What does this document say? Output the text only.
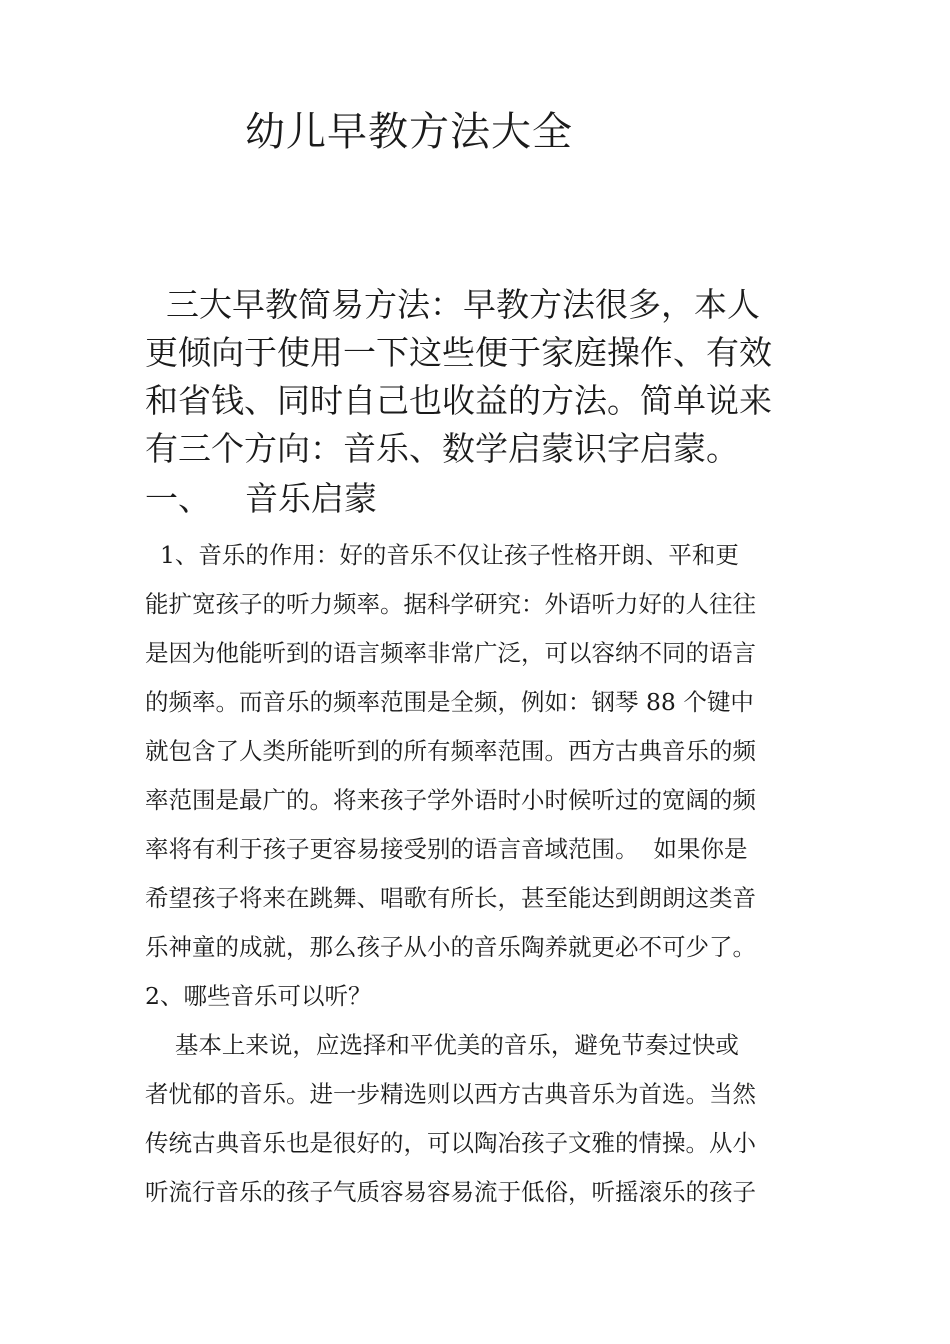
幼儿早教方法大全
三大早教简易方法：早教方法很多，本人
更倾向于使用一下这些便于家庭操作、有效
和省钱、同时自己也收益的方法。简单说来
有三个方向：音乐、数学启蒙识字启蒙。
一、 音乐启蒙
1、音乐的作用：好的音乐不仅让孩子性格开朗、平和更
能扩宽孩子的听力频率。据科学研究：外语听力好的人往往
是因为他能听到的语言频率非常广泛，可以容纳不同的语言
的频率。而音乐的频率范围是全频，例如：钢琴 88 个键中
就包含了人类所能听到的所有频率范围。西方古典音乐的频
率范围是最广的。将来孩子学外语时小时候听过的宽阔的频
率将有利于孩子更容易接受别的语言音域范围。  如果你是
希望孩子将来在跳舞、唱歌有所长，甚至能达到朗朗这类音
乐神童的成就，那么孩子从小的音乐陶养就更必不可少了。
2、哪些音乐可以听？
基本上来说，应选择和平优美的音乐，避免节奏过快或
者忧郁的音乐。进一步精选则以西方古典音乐为首选。当然
传统古典音乐也是很好的，可以陶冶孩子文雅的情操。从小
听流行音乐的孩子气质容易容易流于低俗，听摇滚乐的孩子
